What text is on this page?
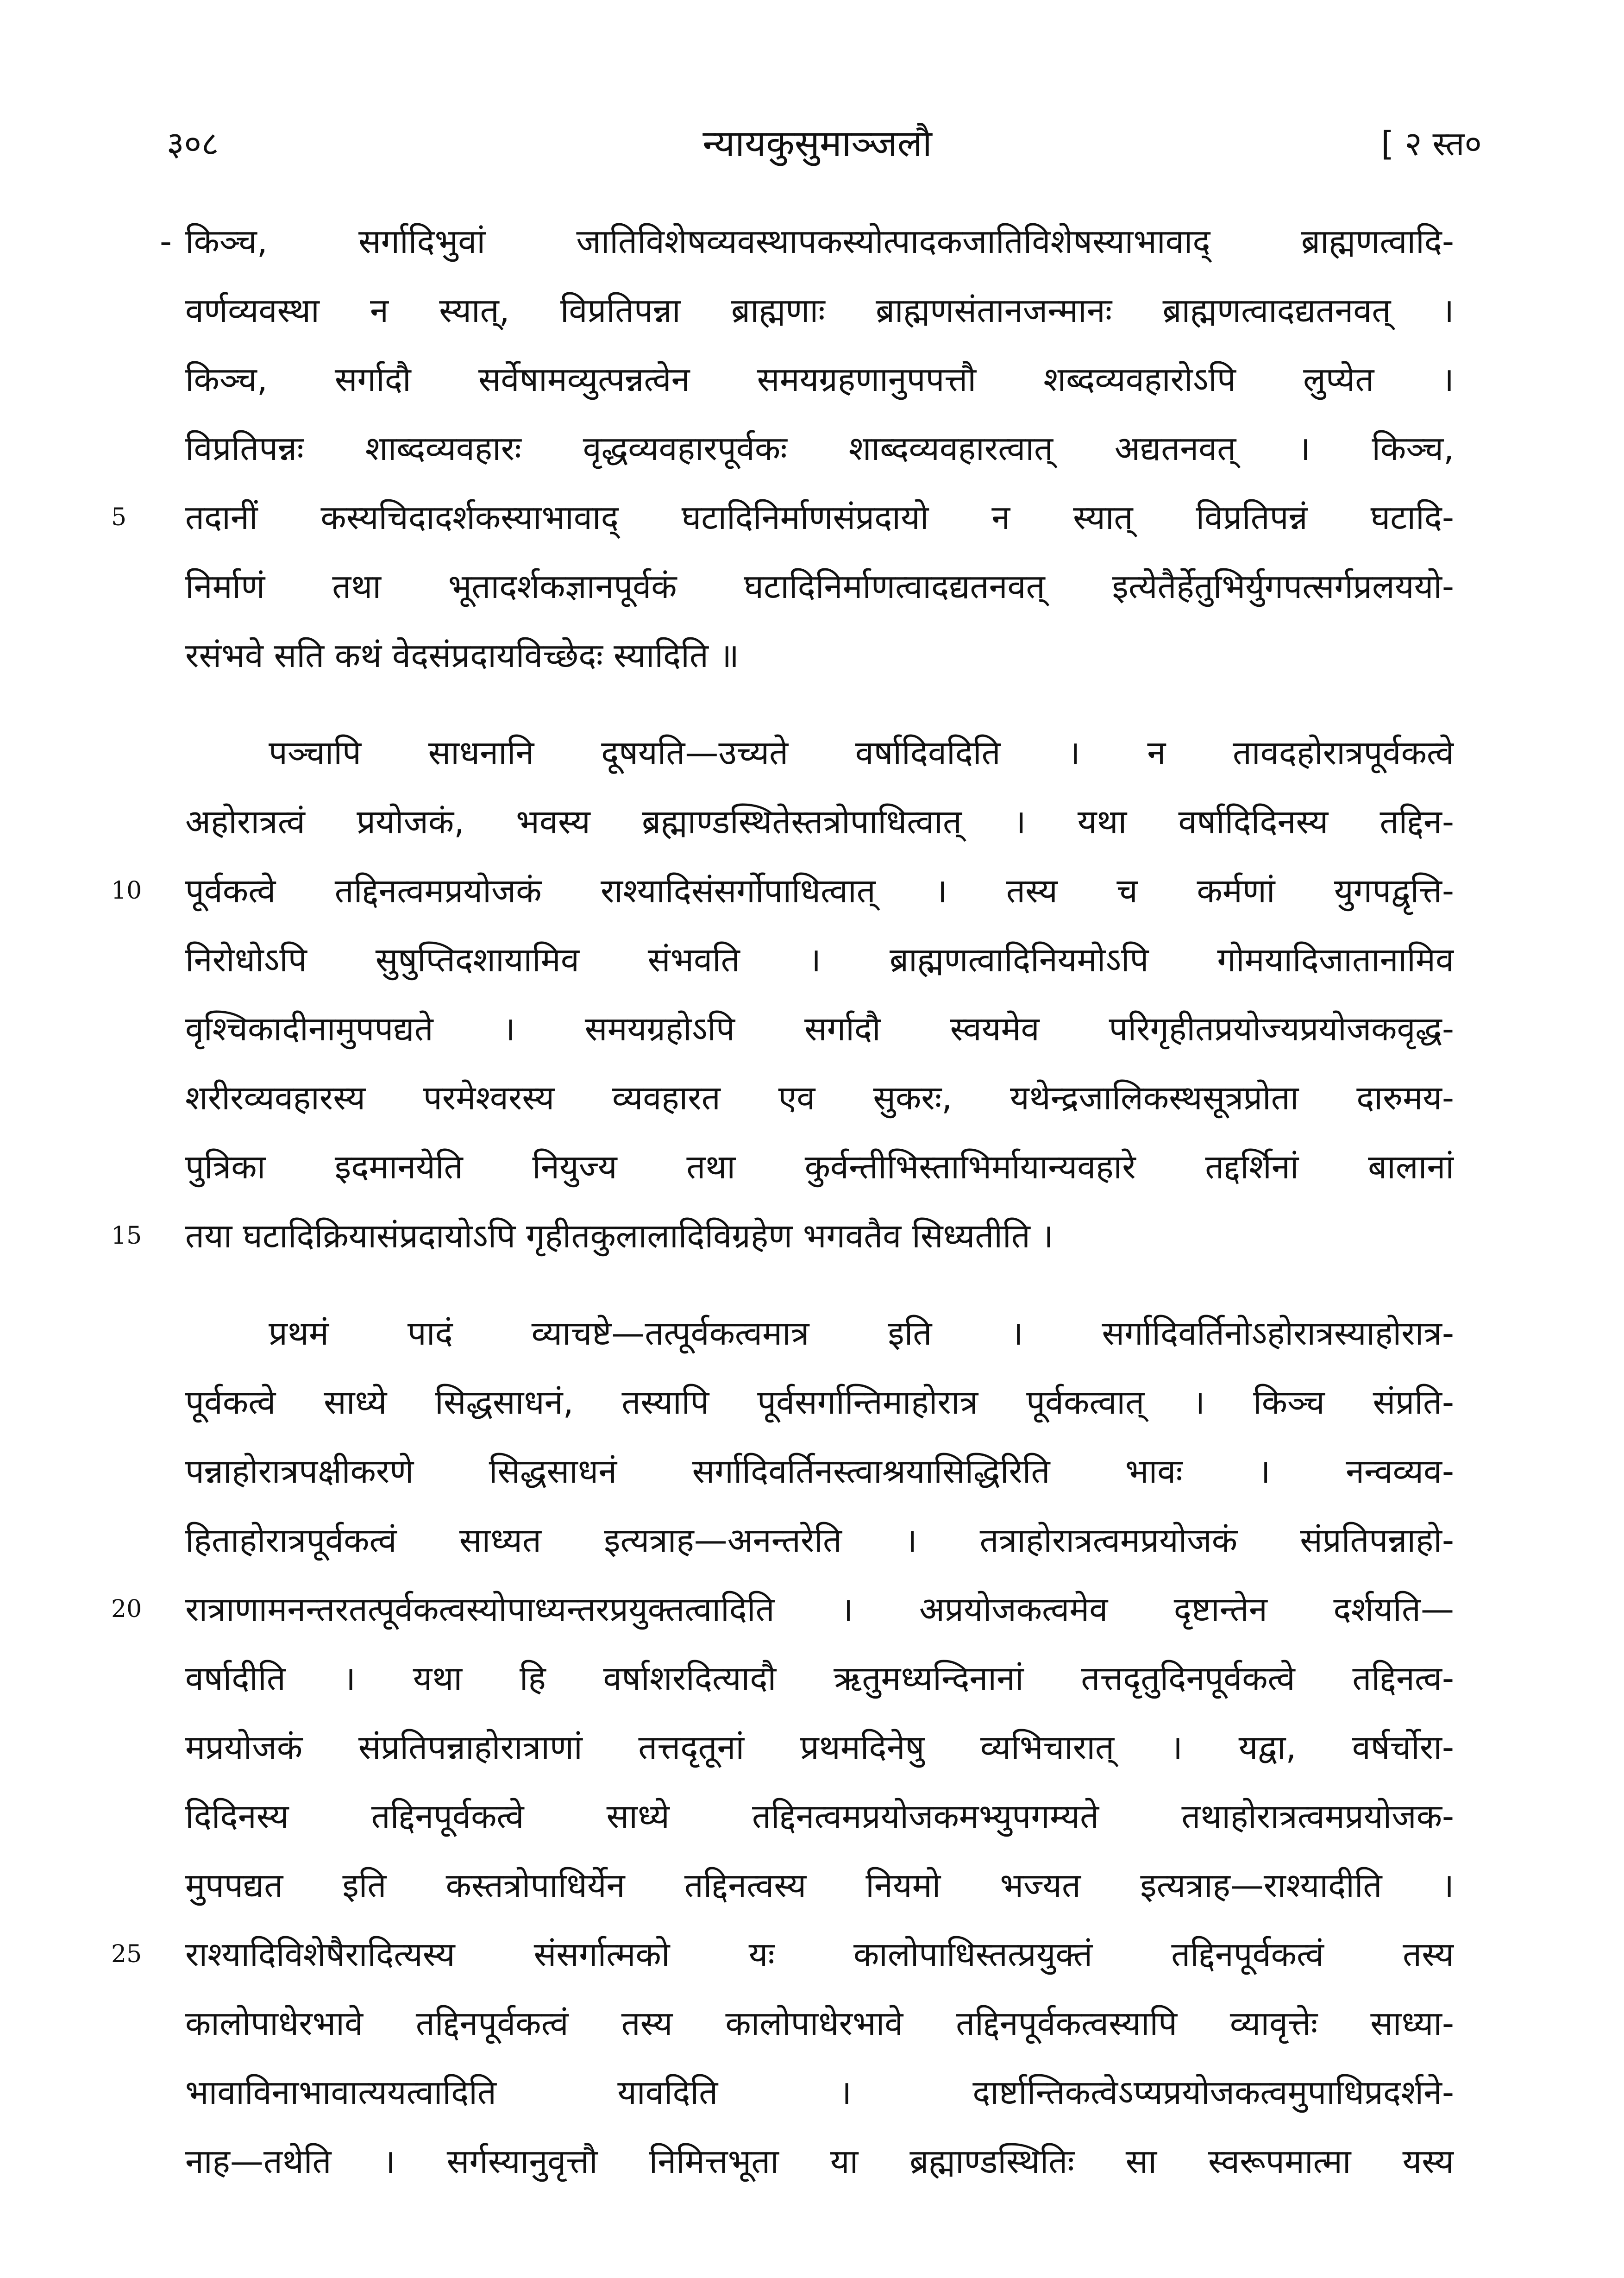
३०८	न्यायकुसुमाञ्जलौ	[ २ स्त०
- किञ्च, सर्गादिभुवां जातिविशेषव्यवस्थापकस्योत्पादकजातिविशेषस्याभावाद् ब्राह्मणत्वादि-
वर्णव्यवस्था न स्यात्, विप्रतिपन्ना ब्राह्मणाः ब्राह्मणसंतानजन्मानः ब्राह्मणत्वादद्यतनवत् ।
किञ्च, सर्गादौ सर्वेषामव्युत्पन्नत्वेन समयग्रहणानुपपत्तौ शब्दव्यवहारोऽपि लुप्येत ।
विप्रतिपन्नः शाब्दव्यवहारः वृद्धव्यवहारपूर्वकः शाब्दव्यवहारत्वात् अद्यतनवत् । किञ्च,
तदानीं कस्यचिदादर्शकस्याभावाद् घटादिनिर्माणसंप्रदायो न स्यात् विप्रतिपन्नं घटादि-
निर्माणं तथा भूतादर्शकज्ञानपूर्वकं घटादिनिर्माणत्वादद्यतनवत् इत्येतैर्हेतुभिर्युगपत्सर्गप्रलययो-
रसंभवे सति कथं वेदसंप्रदायविच्छेदः स्यादिति ॥
पञ्चापि साधनानि दूषयति—उच्यते वर्षादिवदिति । न तावदहोरात्रपूर्वकत्वे
अहोरात्रत्वं प्रयोजकं, भवस्य ब्रह्माण्डस्थितेस्तत्रोपाधित्वात् । यथा वर्षादिदिनस्य तद्दिन-
पूर्वकत्वे तद्दिनत्वमप्रयोजकं राश्यादिसंसर्गोपाधित्वात् । तस्य च कर्मणां युगपद्वृत्ति-
निरोधोऽपि सुषुप्तिदशायामिव संभवति । ब्राह्मणत्वादिनियमोऽपि गोमयादिजातानामिव
वृश्चिकादीनामुपपद्यते । समयग्रहोऽपि सर्गादौ स्वयमेव परिगृहीतप्रयोज्यप्रयोजकवृद्ध-
शरीरव्यवहारस्य परमेश्वरस्य व्यवहारत एव सुकरः, यथेन्द्रजालिकस्थसूत्रप्रोता दारुमय-
पुत्रिका इदमानयेति नियुज्य तथा कुर्वन्तीभिस्ताभिर्मायान्यवहारे तद्दर्शिनां बालानां
तया घटादिक्रियासंप्रदायोऽपि गृहीतकुलालादिविग्रहेण भगवतैव सिध्यतीति ।
प्रथमं पादं व्याचष्टे—तत्पूर्वकत्वमात्र इति । सर्गादिवर्तिनोऽहोरात्रस्याहोरात्र-
पूर्वकत्वे साध्ये सिद्धसाधनं, तस्यापि पूर्वसर्गान्तिमाहोरात्र पूर्वकत्वात् । किञ्च संप्रति-
पन्नाहोरात्रपक्षीकरणे सिद्धसाधनं सर्गादिवर्तिनस्त्वाश्रयासिद्धिरिति भावः । नन्वव्यव-
हिताहोरात्रपूर्वकत्वं साध्यत इत्यत्राह—अनन्तरेति । तत्राहोरात्रत्वमप्रयोजकं संप्रतिपन्नाहो-
रात्राणामनन्तरतत्पूर्वकत्वस्योपाध्यन्तरप्रयुक्तत्वादिति । अप्रयोजकत्वमेव दृष्टान्तेन दर्शयति—
वर्षादीति । यथा हि वर्षाशरदित्यादौ ऋतुमध्यन्दिनानां तत्तदृतुदिनपूर्वकत्वे तद्दिनत्व-
मप्रयोजकं संप्रतिपन्नाहोरात्राणां तत्तदृतूनां प्रथमदिनेषु व्यभिचारात् । यद्वा, वर्षर्चोरा-
दिदिनस्य तद्दिनपूर्वकत्वे साध्ये तद्दिनत्वमप्रयोजकमभ्युपगम्यते तथाहोरात्रत्वमप्रयोजक-
मुपपद्यत इति कस्तत्रोपाधिर्येन तद्दिनत्वस्य नियमो भज्यत इत्यत्राह—राश्यादीति ।
राश्यादिविशेषैरादित्यस्य संसर्गात्मको यः कालोपाधिस्तत्प्रयुक्तं तद्दिनपूर्वकत्वं तस्य
कालोपाधेरभावे तद्दिनपूर्वकत्वं तस्य कालोपाधेरभावे तद्दिनपूर्वकत्वस्यापि व्यावृत्तेः साध्या-
भावाविनाभावात्ययत्वादिति यावदिति । दार्ष्टान्तिकत्वेऽप्यप्रयोजकत्वमुपाधिप्रदर्शने-
नाह—तथेति । सर्गस्यानुवृत्तौ निमित्तभूता या ब्रह्माण्डस्थितिः सा स्वरूपमात्मा यस्य
5
10
15
20
25
